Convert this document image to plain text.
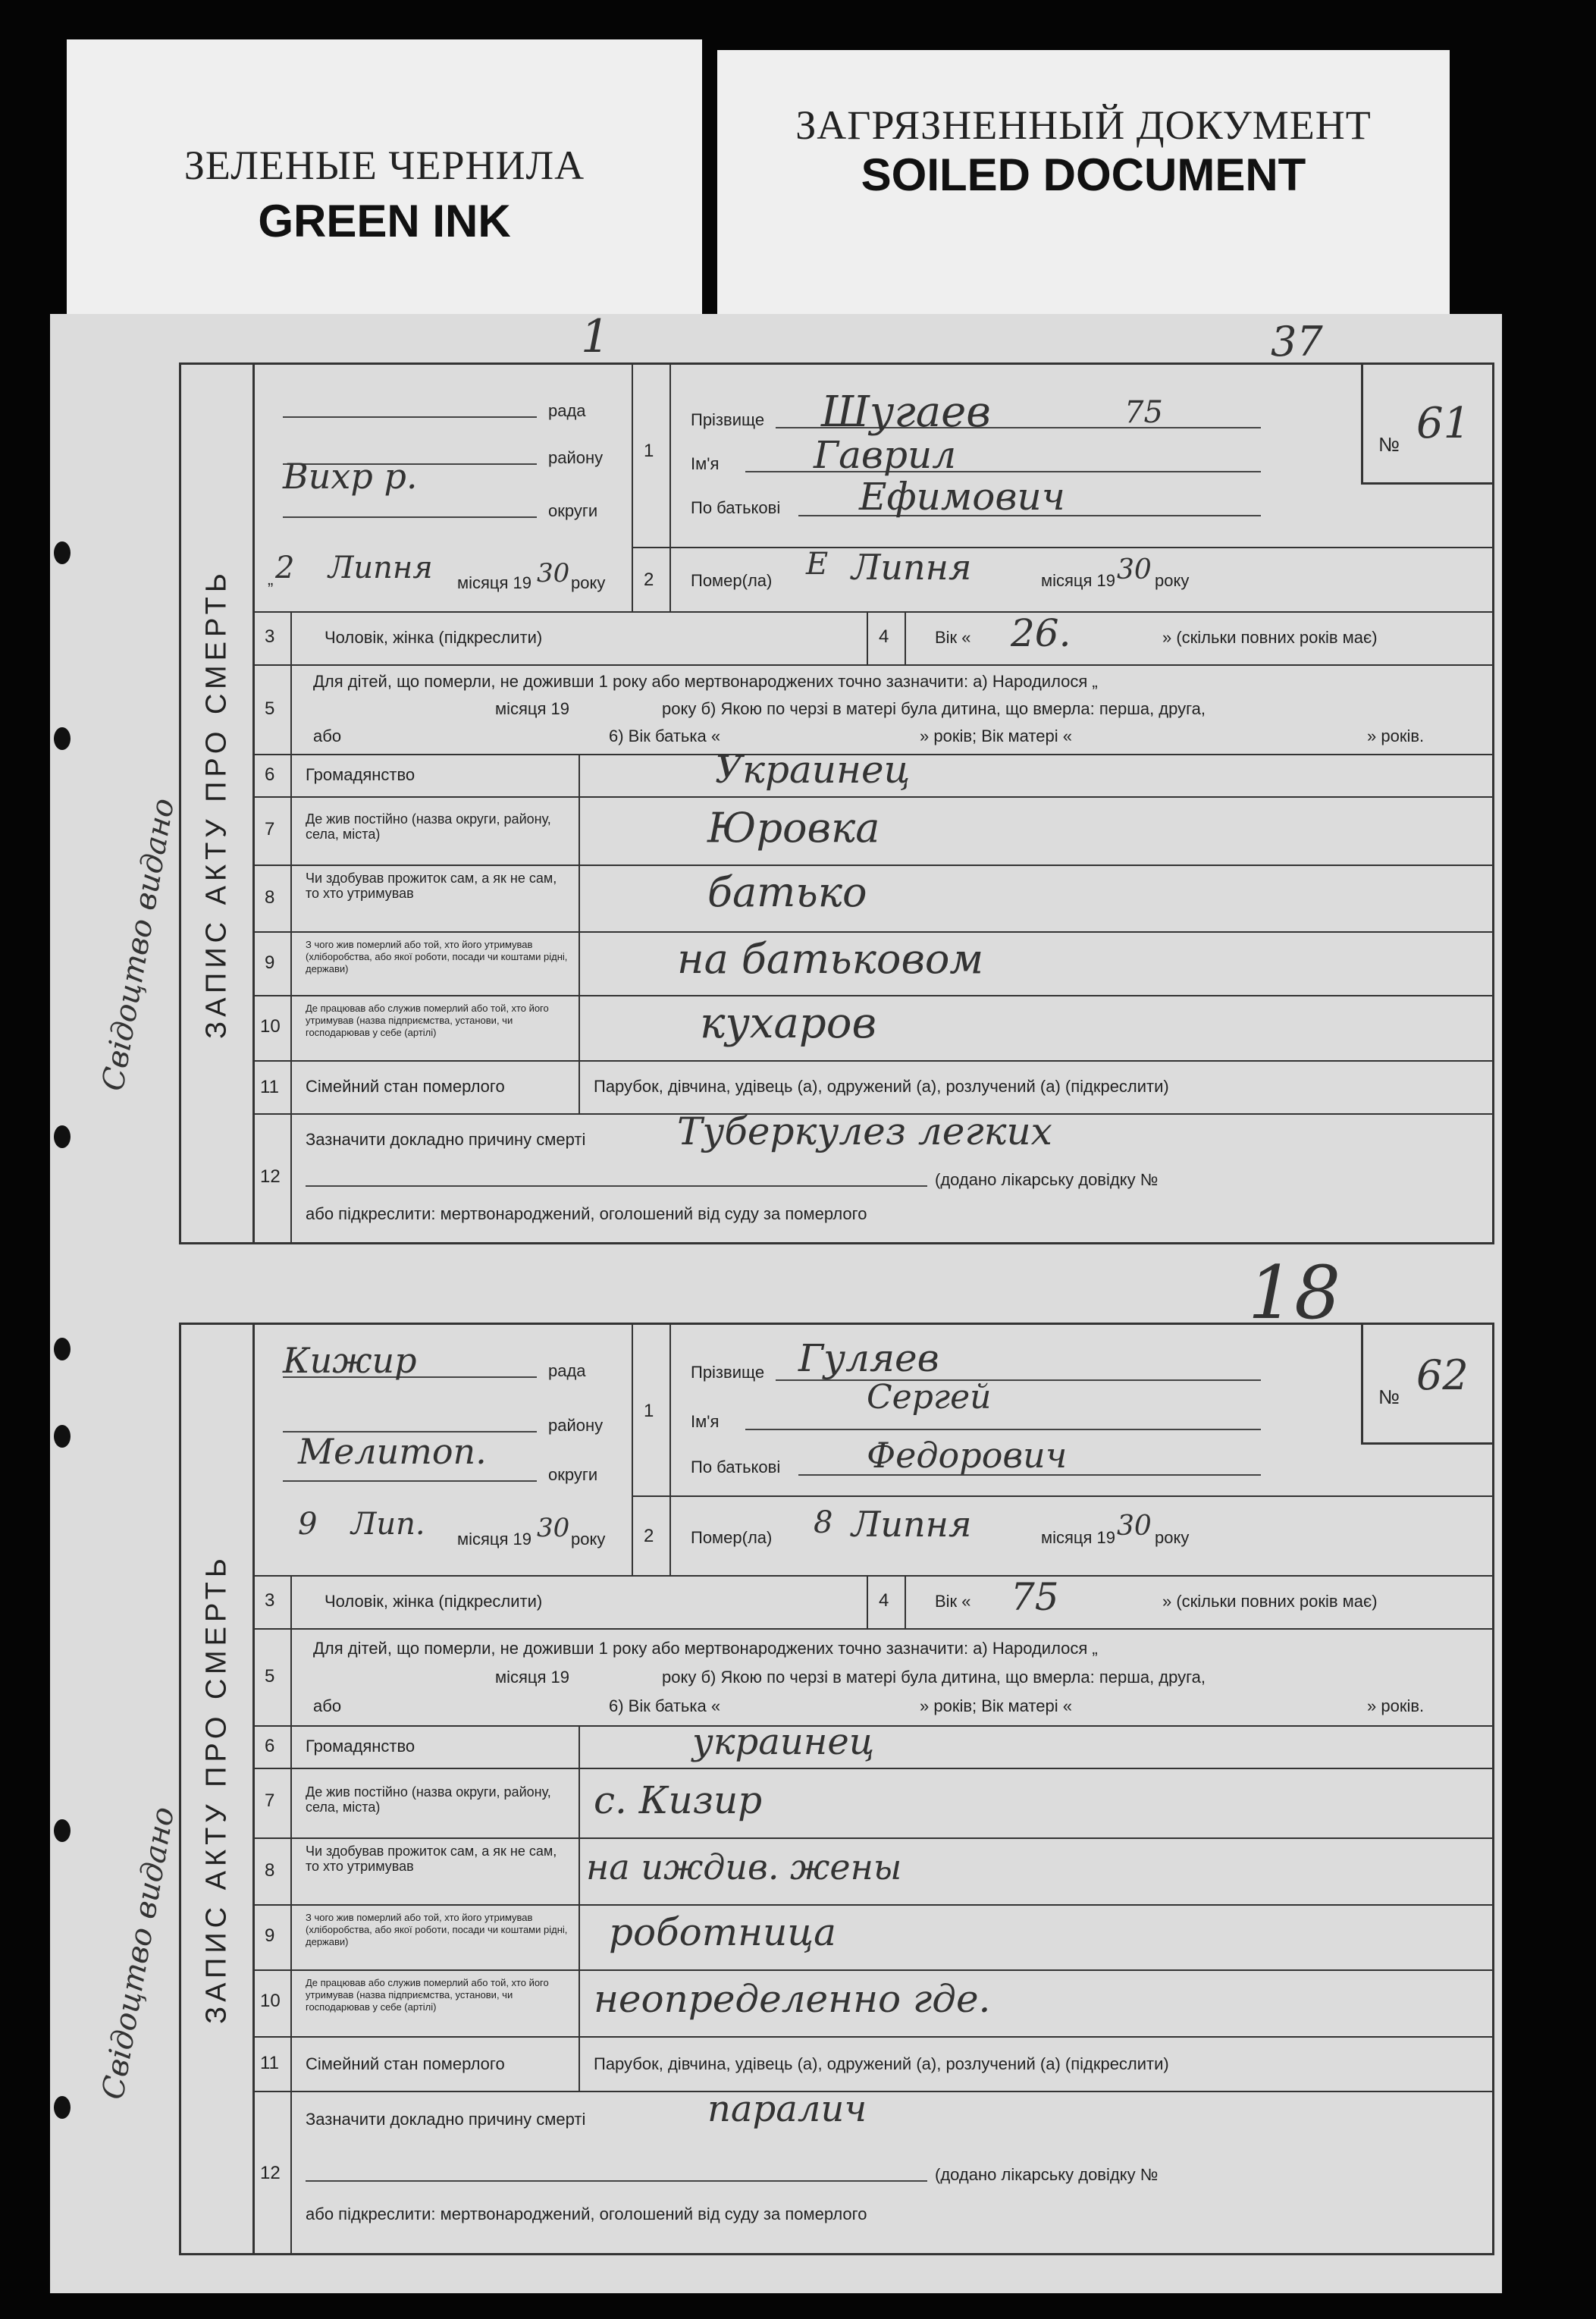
ЗЕЛЕНЫЕ ЧЕРНИЛА
GREEN INK
ЗАГРЯЗНЕННЫЙ ДОКУМЕНТ
SOILED DOCUMENT
1	37
18
Свідоцтво видано
Свідоцтво видано
ЗАПИС АКТУ ПРО СМЕРТЬ
рада
району
округи
Вихр р.
„ 2 Липня місяця 19 30 року
1
2
Прізвище Шугаев	75
Ім'я Гаврил
По батькові Ефимович
Помер(ла) Е Липня	місяця 19 30 року
№ 61
3	Чоловік, жінка (підкреслити)	4	Вік « 26.	» (скільки повних років має)
5
Для дітей, що померли, не доживши 1 року або мертвонароджених точно зазначити: а) Народилося „
місяця 19	року б) Якою по черзі в матері була дитина, що вмерла: перша, друга,
або	6) Вік батька «	» років; Вік матері «	» років.
6 Громадянство	Украинец
7 Де жив постійно (назва округи, району, села, міста)	Юровка
8
Чи здобував прожиток сам, а як не сам, то хто утримував	батько
9
З чого жив померлий або той, хто його утримував (хліборобства, або якої роботи, посади чи коштами рідні, держави)	на батьковом
10
Де працював або служив померлий або той, хто його утримував (назва підприємства, установи, чи господарював у себе (артілі)	кухаров
11 Сімейний стан померлого	Парубок, дівчина, удівець (а), одружений (а), розлучений (а) (підкреслити)
12
Зазначити докладно причину смерті Туберкулез легких
(додано лікарську довідку №
або підкреслити: мертвонароджений, оголошений від суду за померлого
ЗАПИС АКТУ ПРО СМЕРТЬ
рада
Кижир
району
Мелитоп.
округи
9 Лип. місяця 19 30 року
1
2
Прізвище Гуляев
Ім'я
Сергей
По батькові Федорович
Помер(ла) 8 Липня	місяця 19 30 року
№ 62
3	Чоловік, жінка (підкреслити)	4	Вік « 75	» (скільки повних років має)
5
Для дітей, що померли, не доживши 1 року або мертвонароджених точно зазначити: а) Народилося „
місяця 19	року б) Якою по черзі в матері була дитина, що вмерла: перша, друга,
або	6) Вік батька «	» років; Вік матері «	» років.
6 Громадянство	украинец
7 Де жив постійно (назва округи, району, села, міста)	с. Кизир
8
Чи здобував прожиток сам, а як не сам, то хто утримував	на иждив. жены
9
З чого жив померлий або той, хто його утримував (хліборобства, або якої роботи, посади чи коштами рідні, держави)	роботница
10
Де працював або служив померлий або той, хто його утримував (назва підприємства, установи, чи господарював у себе (артілі)	неопределенно где.
11 Сімейний стан померлого	Парубок, дівчина, удівець (а), одружений (а), розлучений (а) (підкреслити)
12
Зазначити докладно причину смерті	паралич
(додано лікарську довідку №
або підкреслити: мертвонароджений, оголошений від суду за померлого
